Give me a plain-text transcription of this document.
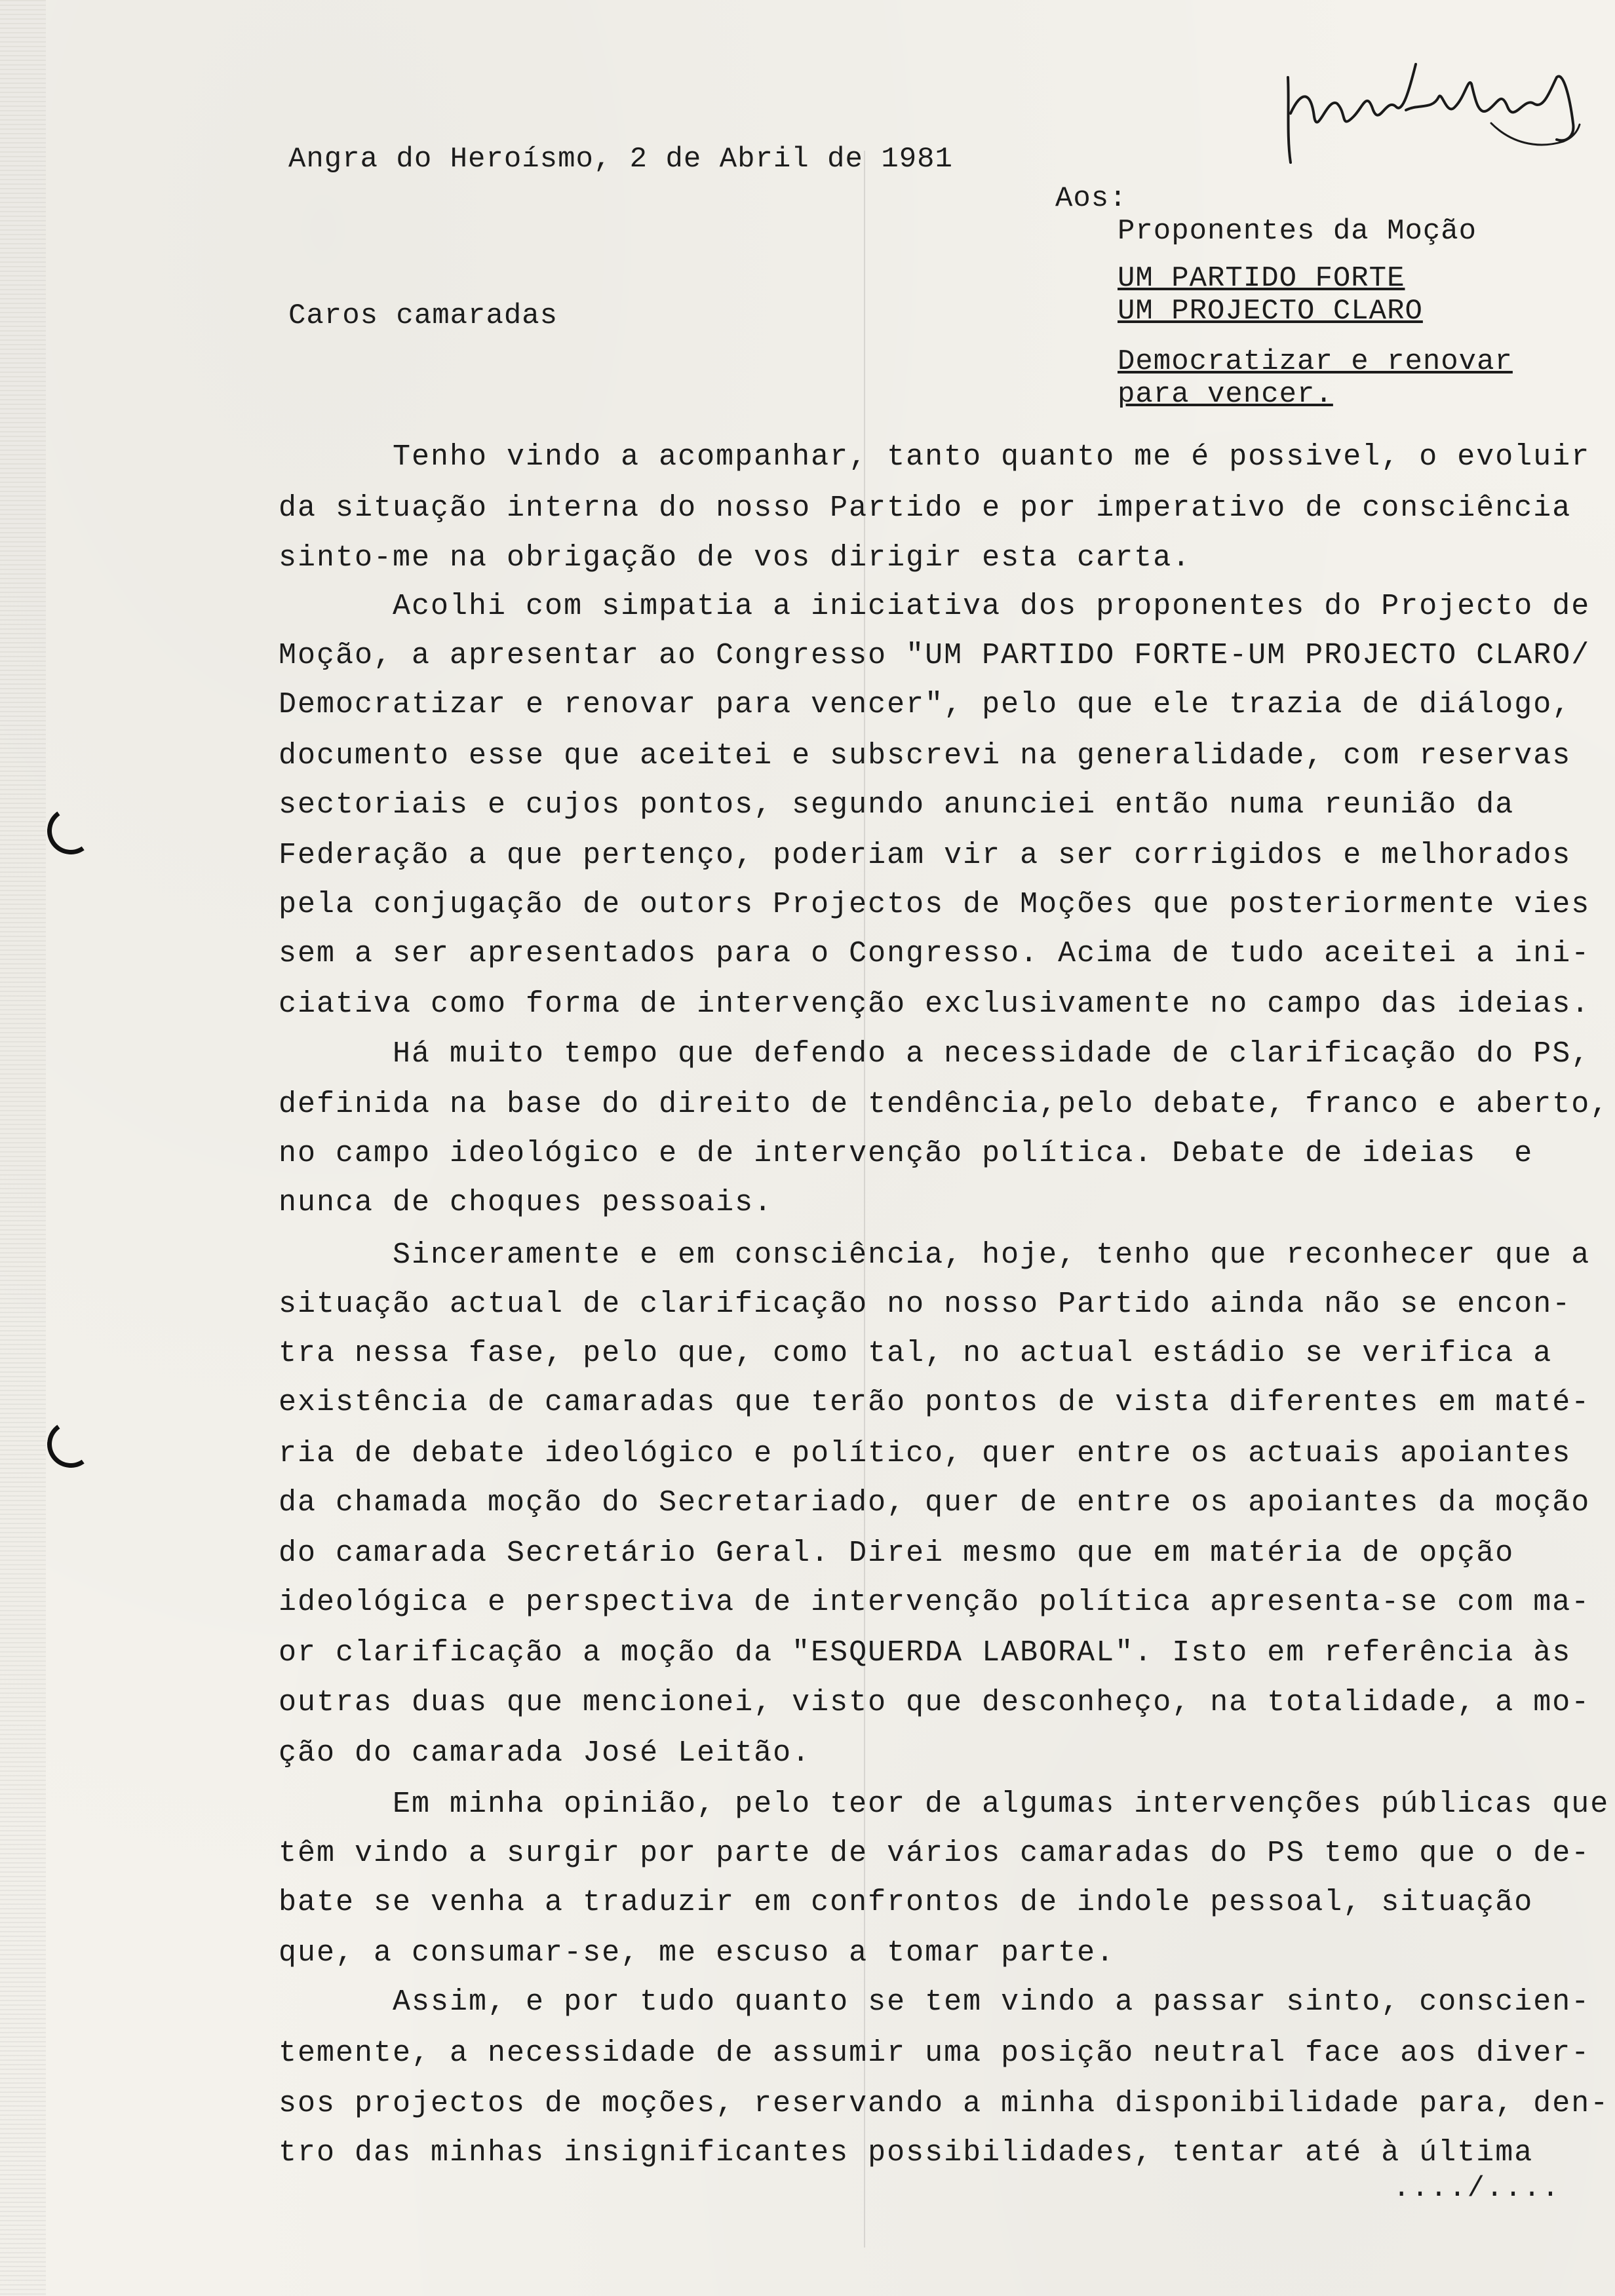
Angra do Heroísmo, 2 de Abril de 1981
Aos:
Proponentes da Moção
UM PARTIDO FORTE
UM PROJECTO CLARO
Democratizar e renovar
para vencer.
Caros camaradas
Tenho vindo a acompanhar, tanto quanto me é possivel, o evoluir
da situação interna do nosso Partido e por imperativo de consciência
sinto-me na obrigação de vos dirigir esta carta.
Acolhi com simpatia a iniciativa dos proponentes do Projecto de
Moção, a apresentar ao Congresso "UM PARTIDO FORTE-UM PROJECTO CLARO/
Democratizar e renovar para vencer", pelo que ele trazia de diálogo,
documento esse que aceitei e subscrevi na generalidade, com reservas
sectoriais e cujos pontos, segundo anunciei então numa reunião da
Federação a que pertenço, poderiam vir a ser corrigidos e melhorados
pela conjugação de outors Projectos de Moções que posteriormente vies
sem a ser apresentados para o Congresso. Acima de tudo aceitei a ini-
ciativa como forma de intervenção exclusivamente no campo das ideias.
Há muito tempo que defendo a necessidade de clarificação do PS,
definida na base do direito de tendência,pelo debate, franco e aberto,
no campo ideológico e de intervenção política. Debate de ideias  e
nunca de choques pessoais.
Sinceramente e em consciência, hoje, tenho que reconhecer que a
situação actual de clarificação no nosso Partido ainda não se encon-
tra nessa fase, pelo que, como tal, no actual estádio se verifica a
existência de camaradas que terão pontos de vista diferentes em maté-
ria de debate ideológico e político, quer entre os actuais apoiantes
da chamada moção do Secretariado, quer de entre os apoiantes da moção
do camarada Secretário Geral. Direi mesmo que em matéria de opção
ideológica e perspectiva de intervenção política apresenta-se com ma-
or clarificação a moção da "ESQUERDA LABORAL". Isto em referência às
outras duas que mencionei, visto que desconheço, na totalidade, a mo-
ção do camarada José Leitão.
Em minha opinião, pelo teor de algumas intervenções públicas que
têm vindo a surgir por parte de vários camaradas do PS temo que o de-
bate se venha a traduzir em confrontos de indole pessoal, situação
que, a consumar-se, me escuso a tomar parte.
Assim, e por tudo quanto se tem vindo a passar sinto, conscien-
temente, a necessidade de assumir uma posição neutral face aos diver-
sos projectos de moções, reservando a minha disponibilidade para, den-
tro das minhas insignificantes possibilidades, tentar até à última
..../....
